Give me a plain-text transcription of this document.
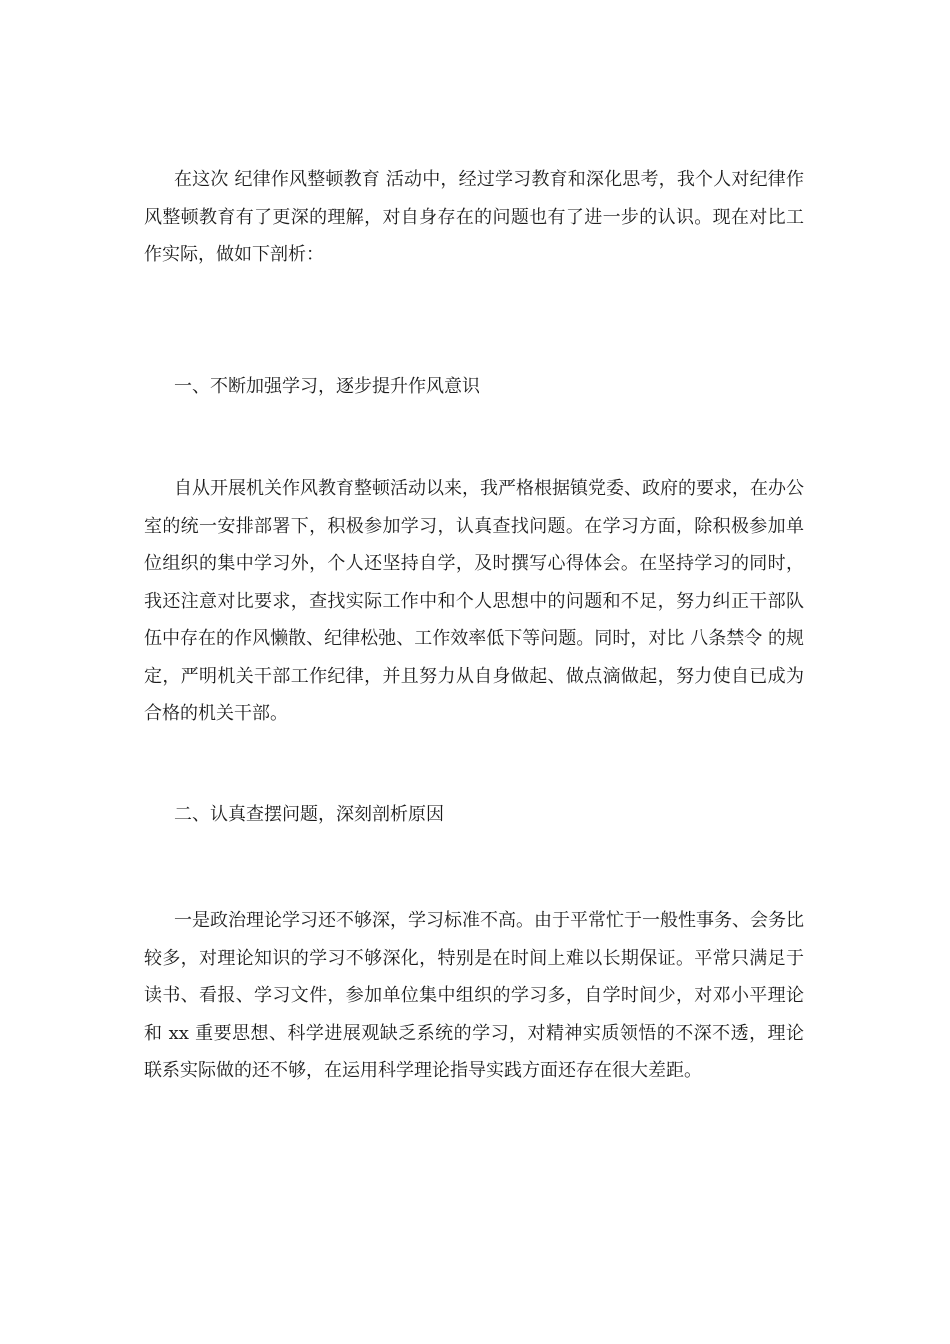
在这次 纪律作风整顿教育 活动中，经过学习教育和深化思考，我个人对纪律作风整顿教育有了更深的理解，对自身存在的问题也有了进一步的认识。现在对比工作实际，做如下剖析：

一、不断加强学习，逐步提升作风意识

自从开展机关作风教育整顿活动以来，我严格根据镇党委、政府的要求，在办公室的统一安排部署下，积极参加学习，认真查找问题。在学习方面，除积极参加单位组织的集中学习外，个人还坚持自学，及时撰写心得体会。在坚持学习的同时，我还注意对比要求，查找实际工作中和个人思想中的问题和不足，努力纠正干部队伍中存在的作风懒散、纪律松弛、工作效率低下等问题。同时，对比 八条禁令 的规定，严明机关干部工作纪律，并且努力从自身做起、做点滴做起，努力使自已成为合格的机关干部。

二、认真查摆问题，深刻剖析原因

一是政治理论学习还不够深，学习标准不高。由于平常忙于一般性事务、会务比较多，对理论知识的学习不够深化，特别是在时间上难以长期保证。平常只满足于读书、看报、学习文件，参加单位集中组织的学习多，自学时间少，对邓小平理论和 xx 重要思想、科学进展观缺乏系统的学习，对精神实质领悟的不深不透，理论联系实际做的还不够，在运用科学理论指导实践方面还存在很大差距。
